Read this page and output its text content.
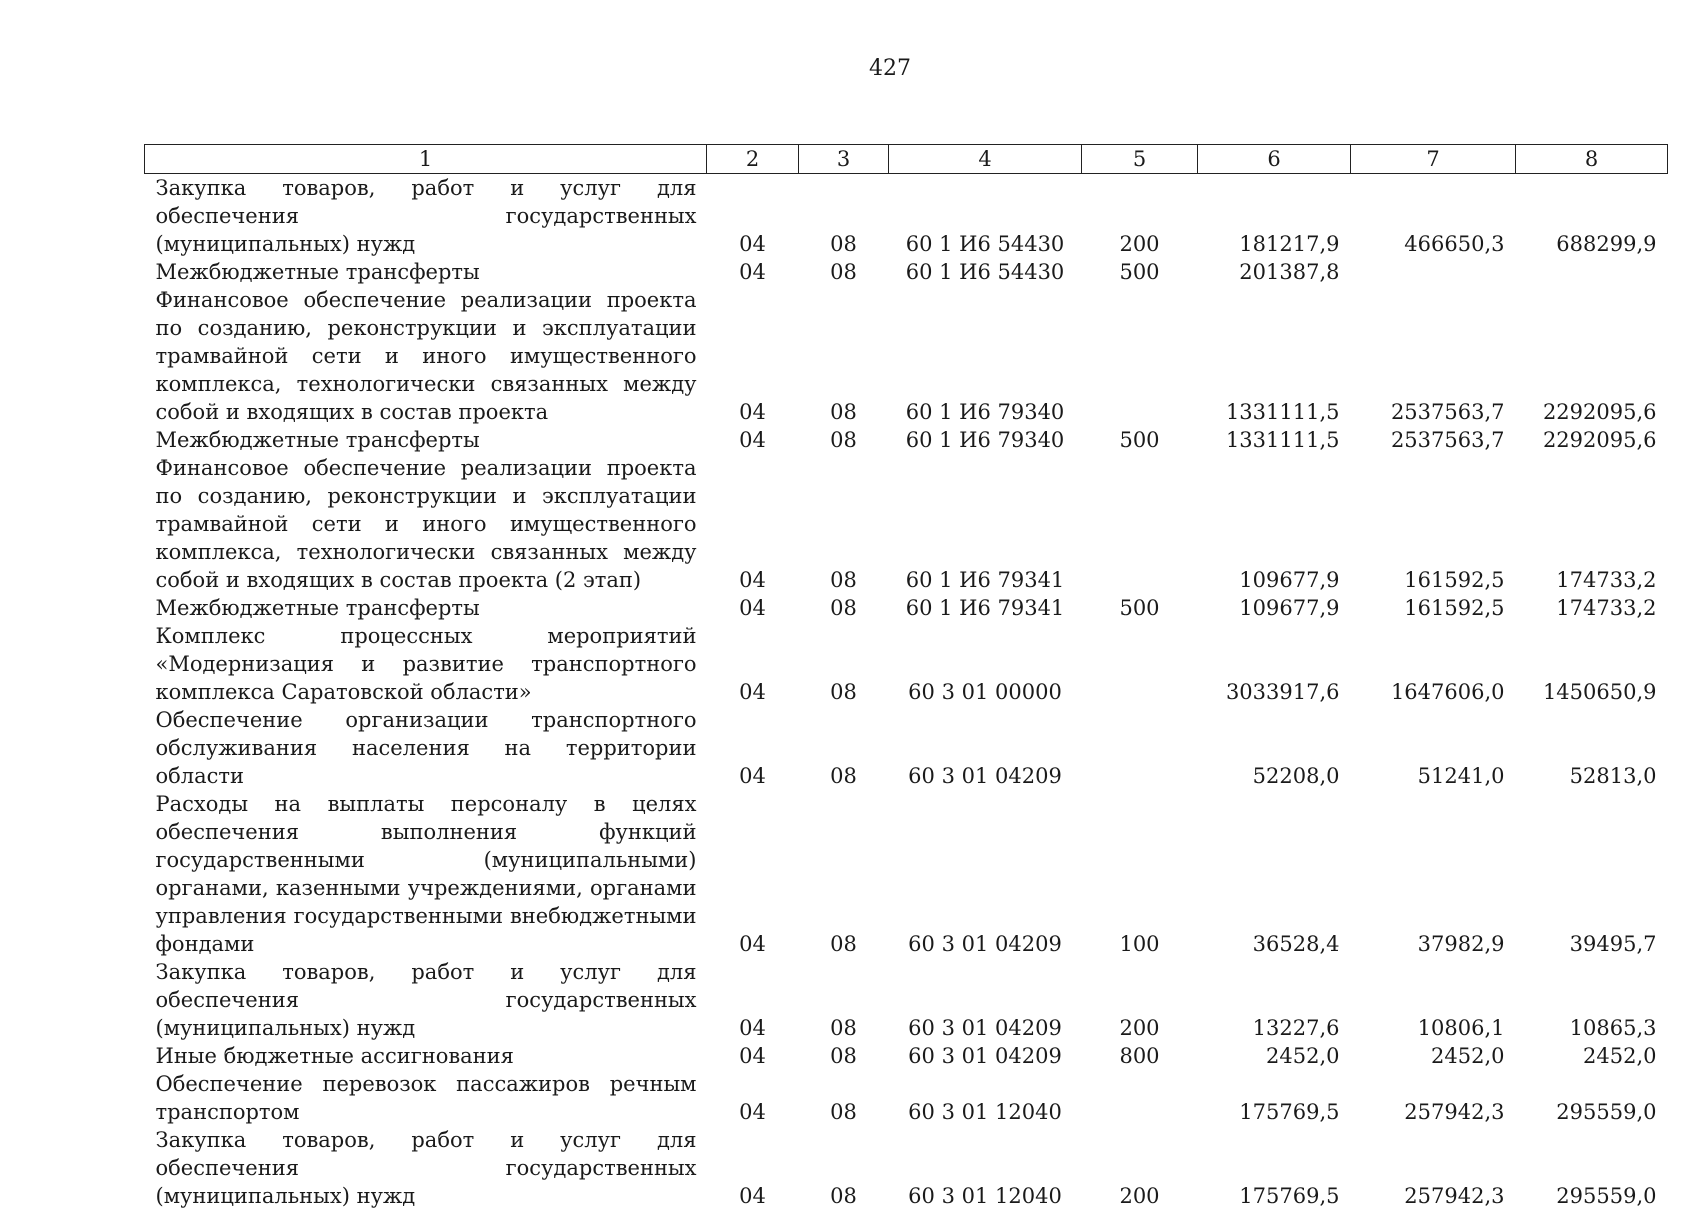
427
1	2	3	4	5	6	7	8
Закупка товаров, работ и услуг для обеспечения государственных (муниципальных) нужд	04	08	60 1 И6 54430	200	181217,9	466650,3	688299,9
Межбюджетные трансферты	04	08	60 1 И6 54430	500	201387,8		
Финансовое обеспечение реализации проекта по созданию, реконструкции и эксплуатации трамвайной сети и иного имущественного комплекса, технологически связанных между собой и входящих в состав проекта	04	08	60 1 И6 79340		1331111,5	2537563,7	2292095,6
Межбюджетные трансферты	04	08	60 1 И6 79340	500	1331111,5	2537563,7	2292095,6
Финансовое обеспечение реализации проекта по созданию, реконструкции и эксплуатации трамвайной сети и иного имущественного комплекса, технологически связанных между собой и входящих в состав проекта (2 этап)	04	08	60 1 И6 79341		109677,9	161592,5	174733,2
Межбюджетные трансферты	04	08	60 1 И6 79341	500	109677,9	161592,5	174733,2
Комплекс процессных мероприятий «Модернизация и развитие транспортного комплекса Саратовской области»	04	08	60 3 01 00000		3033917,6	1647606,0	1450650,9
Обеспечение организации транспортного обслуживания населения на территории области	04	08	60 3 01 04209		52208,0	51241,0	52813,0
Расходы на выплаты персоналу в целях обеспечения выполнения функций государственными (муниципальными) органами, казенными учреждениями, органами управления государственными внебюджетными фондами	04	08	60 3 01 04209	100	36528,4	37982,9	39495,7
Закупка товаров, работ и услуг для обеспечения государственных (муниципальных) нужд	04	08	60 3 01 04209	200	13227,6	10806,1	10865,3
Иные бюджетные ассигнования	04	08	60 3 01 04209	800	2452,0	2452,0	2452,0
Обеспечение перевозок пассажиров речным транспортом	04	08	60 3 01 12040		175769,5	257942,3	295559,0
Закупка товаров, работ и услуг для обеспечения государственных (муниципальных) нужд	04	08	60 3 01 12040	200	175769,5	257942,3	295559,0
